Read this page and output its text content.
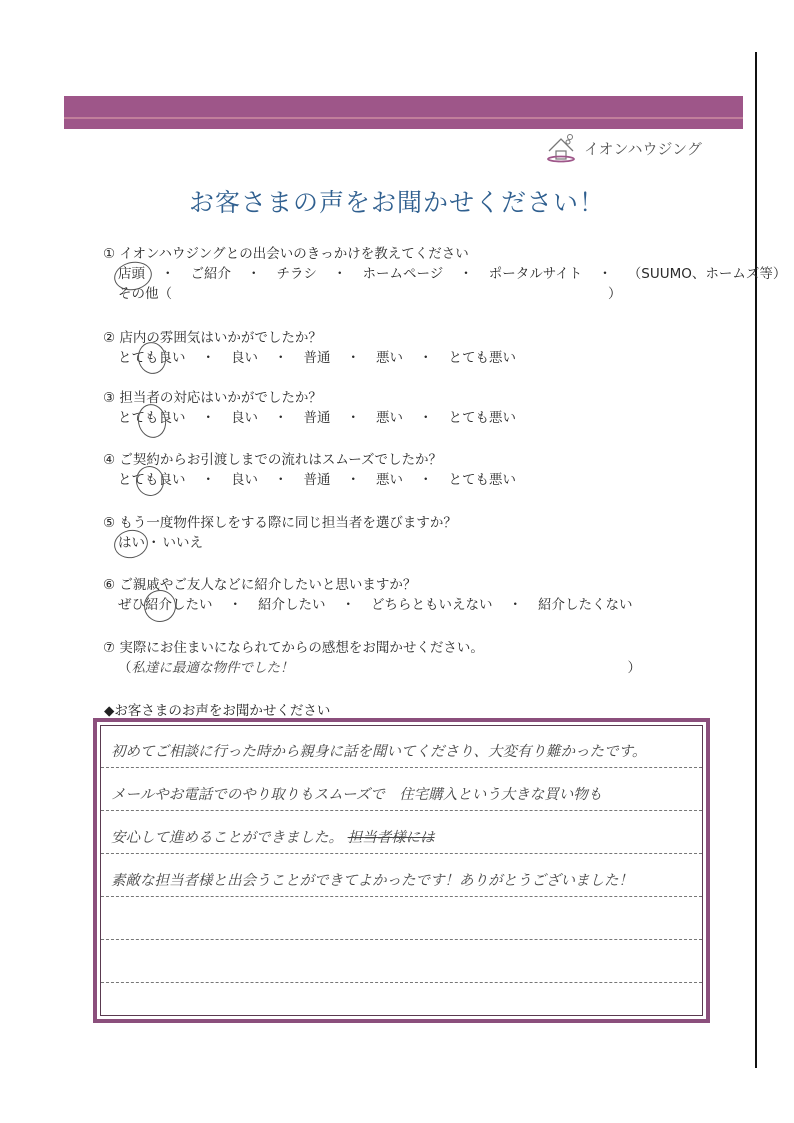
イオンハウジング
お客さまの声をお聞かせください！
① イオンハウジングとの出会いのきっかけを教えてください
店頭 ・ ご紹介 ・ チラシ ・ ホームページ ・ ポータルサイト ・ （SUUMO、ホームズ等）
その他（	）
② 店内の雰囲気はいかがでしたか？
とても良い ・ 良い ・ 普通 ・ 悪い ・ とても悪い
③ 担当者の対応はいかがでしたか？
とても良い ・ 良い ・ 普通 ・ 悪い ・ とても悪い
④ ご契約からお引渡しまでの流れはスムーズでしたか？
とても良い ・ 良い ・ 普通 ・ 悪い ・ とても悪い
⑤ もう一度物件探しをする際に同じ担当者を選びますか？
はい ・ いいえ
⑥ ご親戚やご友人などに紹介したいと思いますか？
ぜひ紹介したい ・ 紹介したい ・ どちらともいえない ・ 紹介したくない
⑦ 実際にお住まいになられてからの感想をお聞かせください。
（ 私達に最適な物件でした！	）
◆お客さまのお声をお聞かせください
初めてご相談に行った時から親身に話を聞いてくださり、大変有り難かったです。
メールやお電話でのやり取りもスムーズで　住宅購入という大きな買い物も
安心して進めることができました。 担当者様には
素敵な担当者様と出会うことができてよかったです！ありがとうございました！
